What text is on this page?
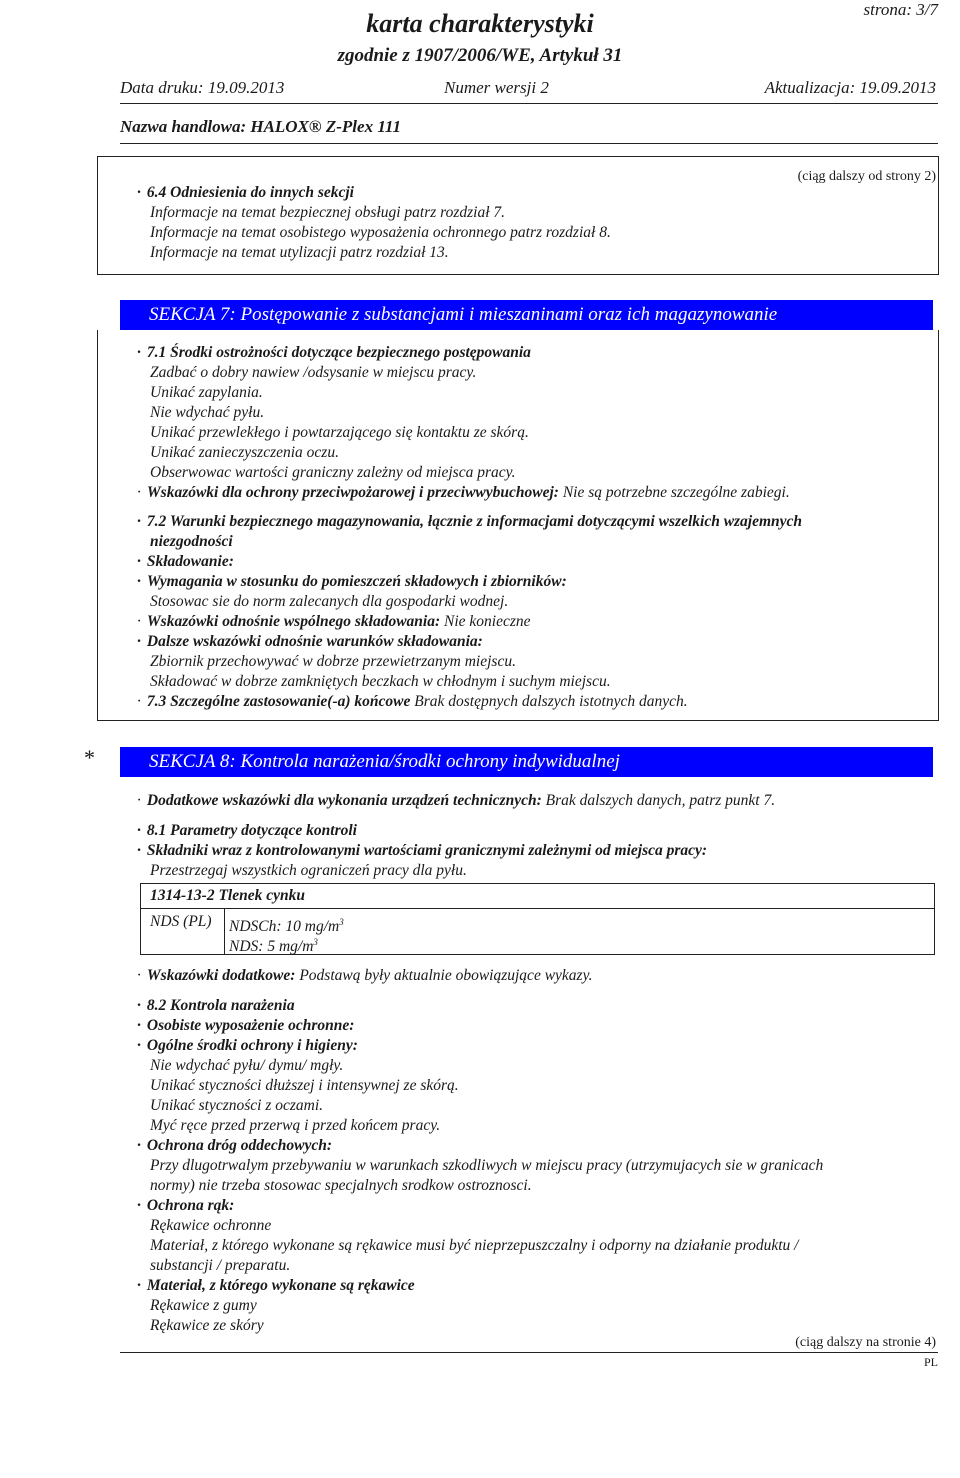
strona: 3/7
karta charakterystyki
zgodnie z 1907/2006/WE, Artykuł 31
Data druku: 19.09.2013	Numer wersji 2	Aktualizacja: 19.09.2013
Nazwa handlowa: HALOX® Z-Plex 111
(ciąg dalszy od strony 2)
· 6.4 Odniesienia do innych sekcji
Informacje na temat bezpiecznej obsługi patrz rozdział 7.
Informacje na temat osobistego wyposażenia ochronnego patrz rozdział 8.
Informacje na temat utylizacji patrz rozdział 13.
SEKCJA 7: Postępowanie z substancjami i mieszaninami oraz ich magazynowanie
· 7.1 Środki ostrożności dotyczące bezpiecznego postępowania
Zadbać o dobry nawiew /odsysanie w miejscu pracy.
Unikać zapylania.
Nie wdychać pyłu.
Unikać przewlekłego i powtarzającego się kontaktu ze skórą.
Unikać zanieczyszczenia oczu.
Obserwowac wartości graniczny zależny od miejsca pracy.
· Wskazówki dla ochrony przeciwpożarowej i przeciwwybuchowej: Nie są potrzebne szczególne zabiegi.
· 7.2 Warunki bezpiecznego magazynowania, łącznie z informacjami dotyczącymi wszelkich wzajemnych
niezgodności
· Składowanie:
· Wymagania w stosunku do pomieszczeń składowych i zbiorników:
Stosowac sie do norm zalecanych dla gospodarki wodnej.
· Wskazówki odnośnie wspólnego składowania: Nie konieczne
· Dalsze wskazówki odnośnie warunków składowania:
Zbiornik przechowywać w dobrze przewietrzanym miejscu.
Składować w dobrze zamkniętych beczkach w chłodnym i suchym miejscu.
· 7.3 Szczególne zastosowanie(-a) końcowe Brak dostępnych dalszych istotnych danych.
*	SEKCJA 8: Kontrola narażenia/środki ochrony indywidualnej
· Dodatkowe wskazówki dla wykonania urządzeń technicznych: Brak dalszych danych, patrz punkt 7.
· 8.1 Parametry dotyczące kontroli
· Składniki wraz z kontrolowanymi wartościami granicznymi zależnymi od miejsca pracy:
Przestrzegaj wszystkich ograniczeń pracy dla pyłu.
1314-13-2 Tlenek cynku
NDS (PL) NDSCh: 10 $mg/m^3$
NDS: 5 $mg/m^3$
· Wskazówki dodatkowe: Podstawą były aktualnie obowiązujące wykazy.
· 8.2 Kontrola narażenia
· Osobiste wyposażenie ochronne:
· Ogólne środki ochrony i higieny:
Nie wdychać pyłu/ dymu/ mgły.
Unikać styczności dłuższej i intensywnej ze skórą.
Unikać styczności z oczami.
Myć ręce przed przerwą i przed końcem pracy.
· Ochrona dróg oddechowych:
Przy dlugotrwalym przebywaniu w warunkach szkodliwych w miejscu pracy (utrzymujacych sie w granicach
normy) nie trzeba stosowac specjalnych srodkow ostroznosci.
· Ochrona rąk:
Rękawice ochronne
Materiał, z którego wykonane są rękawice musi być nieprzepuszczalny i odporny na działanie produktu /
substancji / preparatu.
· Materiał, z którego wykonane są rękawice
Rękawice z gumy
Rękawice ze skóry
(ciąg dalszy na stronie 4)
PL
